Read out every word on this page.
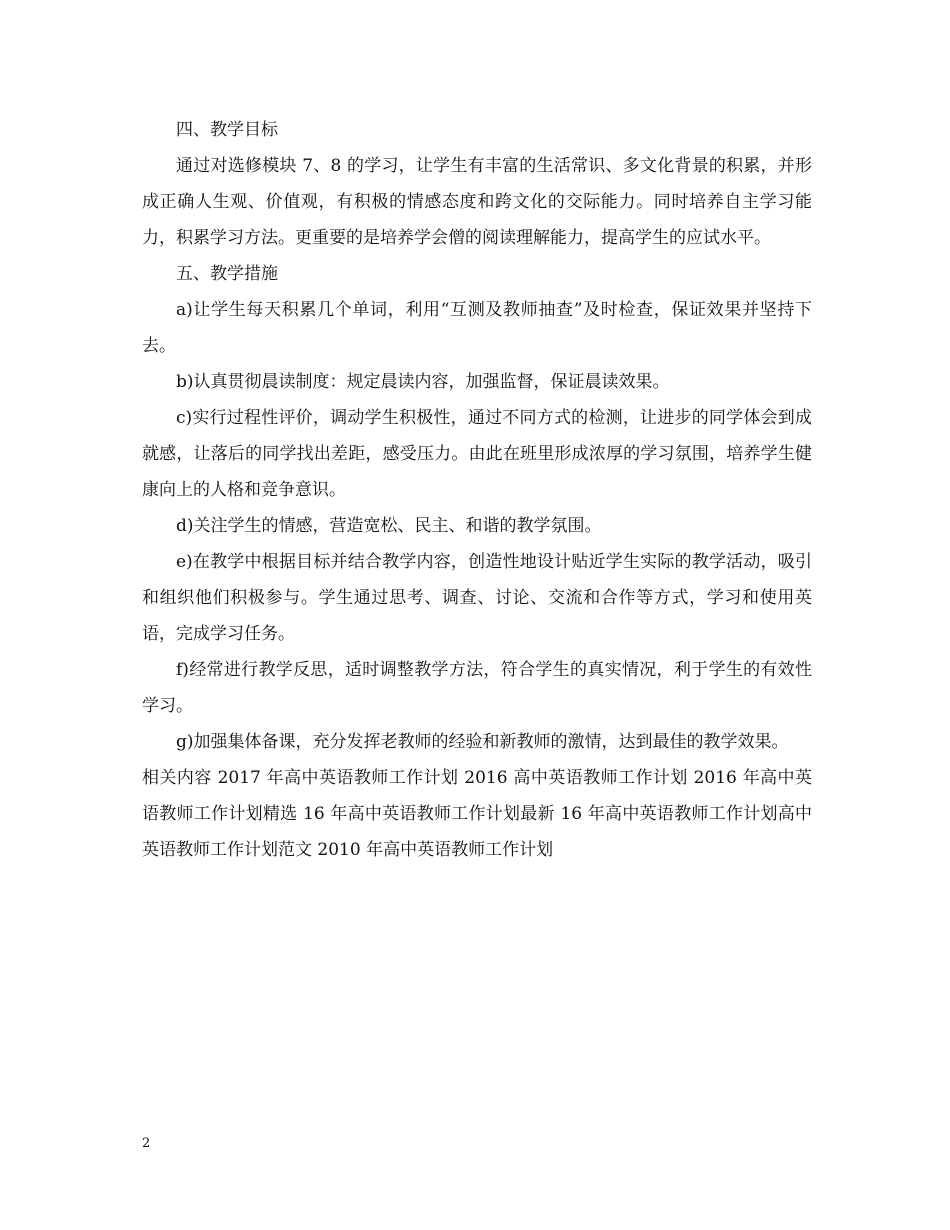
四、教学目标

通过对选修模块 7、8 的学习，让学生有丰富的生活常识、多文化背景的积累，并形成正确人生观、价值观，有积极的情感态度和跨文化的交际能力。同时培养自主学习能力，积累学习方法。更重要的是培养学会僧的阅读理解能力，提高学生的应试水平。

五、教学措施

a)让学生每天积累几个单词，利用“互测及教师抽查”及时检查，保证效果并坚持下去。

b)认真贯彻晨读制度：规定晨读内容，加强监督，保证晨读效果。

c)实行过程性评价，调动学生积极性，通过不同方式的检测，让进步的同学体会到成就感，让落后的同学找出差距，感受压力。由此在班里形成浓厚的学习氛围，培养学生健康向上的人格和竞争意识。

d)关注学生的情感，营造宽松、民主、和谐的教学氛围。

e)在教学中根据目标并结合教学内容，创造性地设计贴近学生实际的教学活动，吸引和组织他们积极参与。学生通过思考、调查、讨论、交流和合作等方式，学习和使用英语，完成学习任务。

f)经常进行教学反思，适时调整教学方法，符合学生的真实情况，利于学生的有效性学习。

g)加强集体备课，充分发挥老教师的经验和新教师的激情，达到最佳的教学效果。

相关内容 2017 年高中英语教师工作计划 2016 高中英语教师工作计划 2016 年高中英语教师工作计划精选 16 年高中英语教师工作计划最新 16 年高中英语教师工作计划高中英语教师工作计划范文 2010 年高中英语教师工作计划

2
